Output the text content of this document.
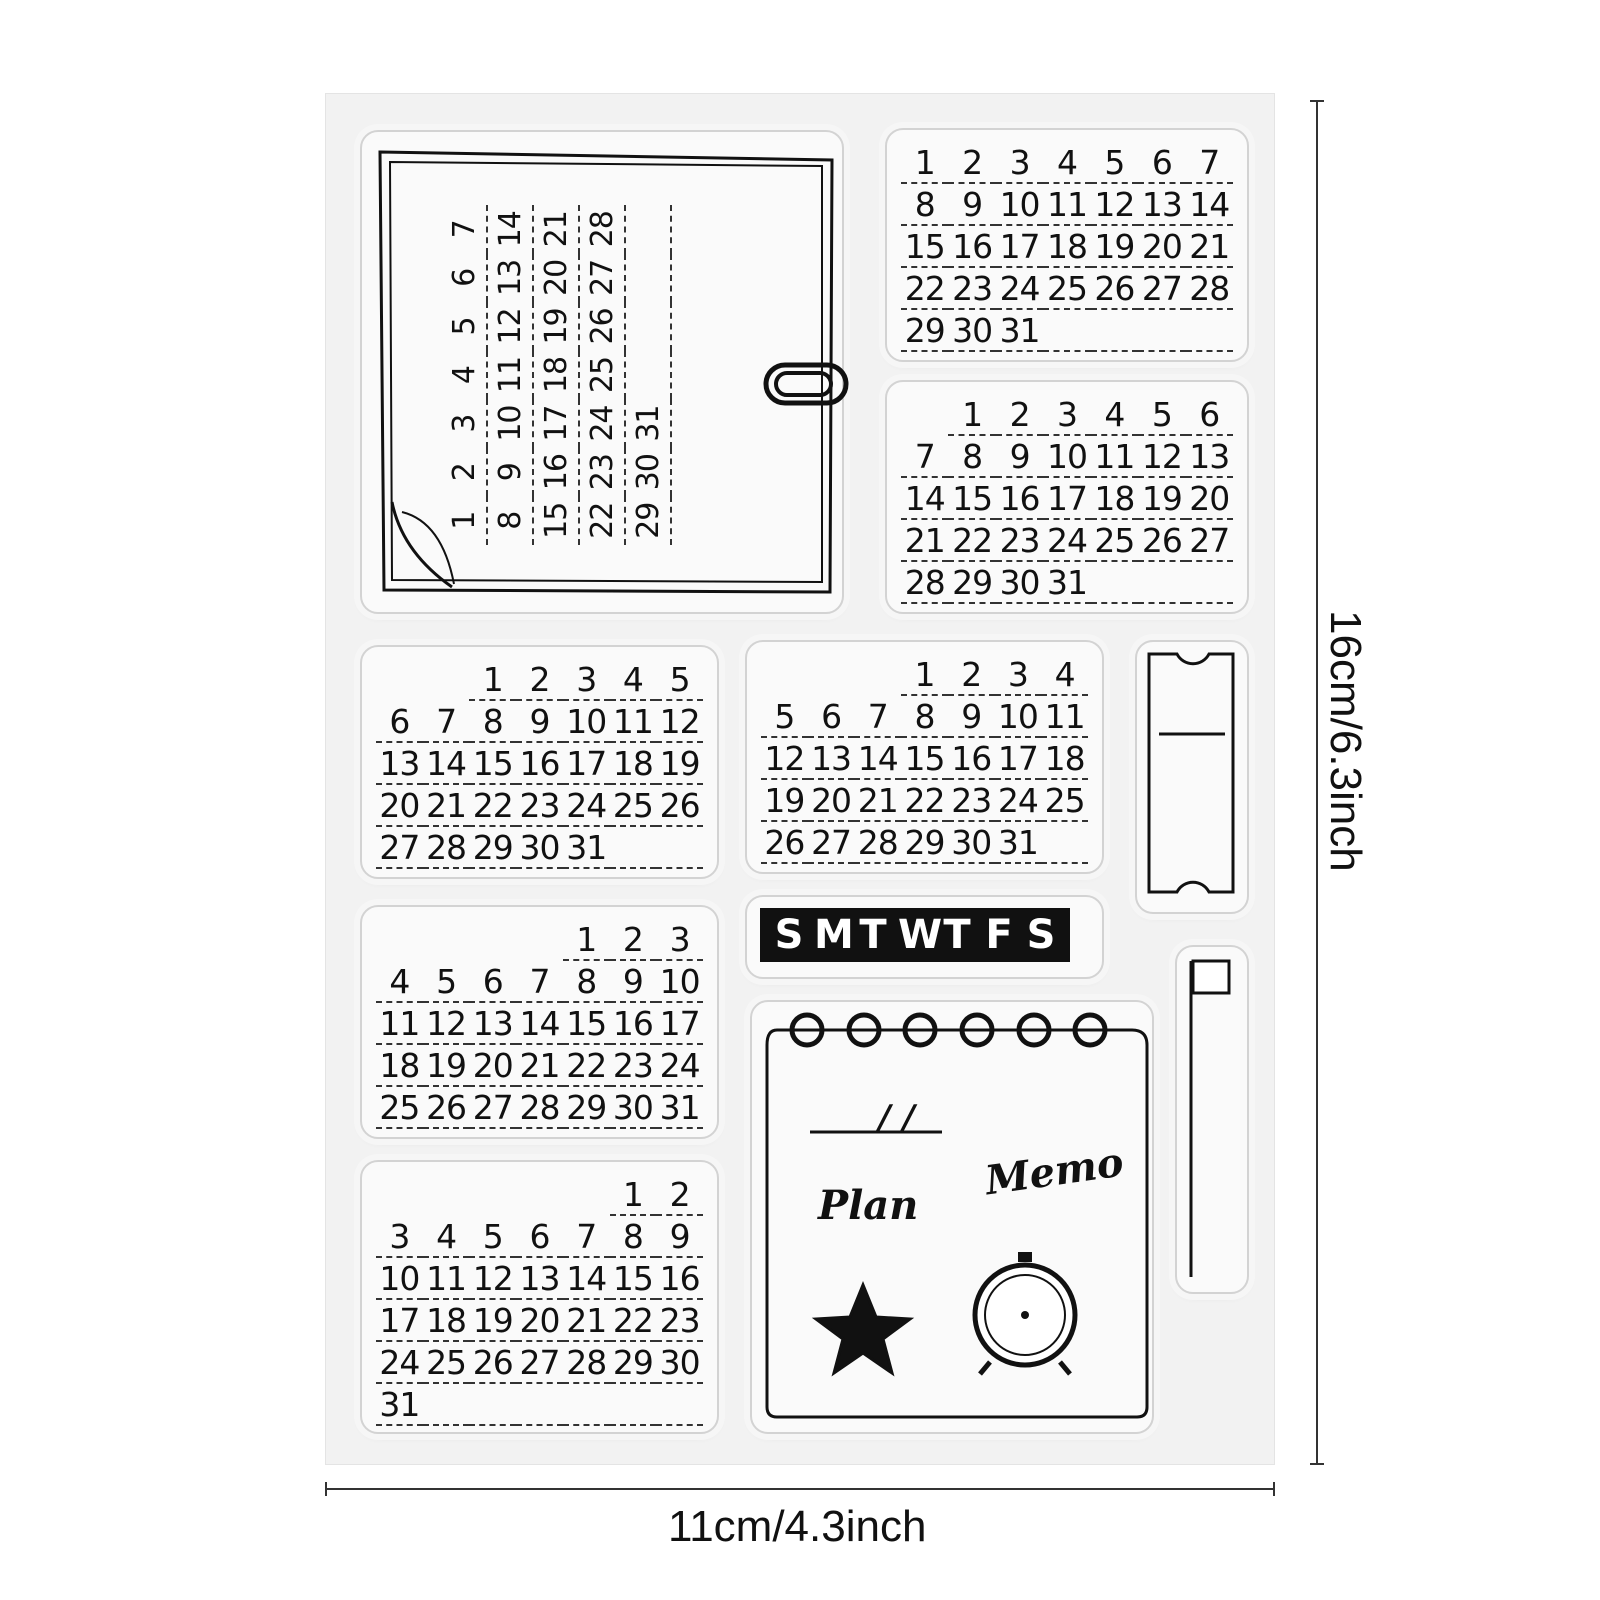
1
2
3
4
5
6
7
8
9
10
11
12
13
14
15
16
17
18
19
20
21
22
23
24
25
26
27
28
29
30
31
1 2 3 4 5 6 7
8 9 10 11 12 13 14
15 16 17 18 19 20 21
22 23 24 25 26 27 28
29 30 31
1 2 3 4 5 6
7 8 9 10 11 12 13
14 15 16 17 18 19 20
21 22 23 24 25 26 27
28 29 30 31
1 2 3 4 5
6 7 8 9 10 11 12
13 14 15 16 17 18 19
20 21 22 23 24 25 26
27 28 29 30 31
1 2 3 4
5 6 7 8 9 10 11
12 13 14 15 16 17 18
19 20 21 22 23 24 25
26 27 28 29 30 31
1 2 3
4 5 6 7 8 9 10
11 12 13 14 15 16 17
18 19 20 21 22 23 24
25 26 27 28 29 30 31
1 2
3 4 5 6 7 8 9
10 11 12 13 14 15 16
17 18 19 20 21 22 23
24 25 26 27 28 29 30
31
S M T W T F S
/ /
Plan
Memo
11cm/4.3inch
16cm/6.3inch
